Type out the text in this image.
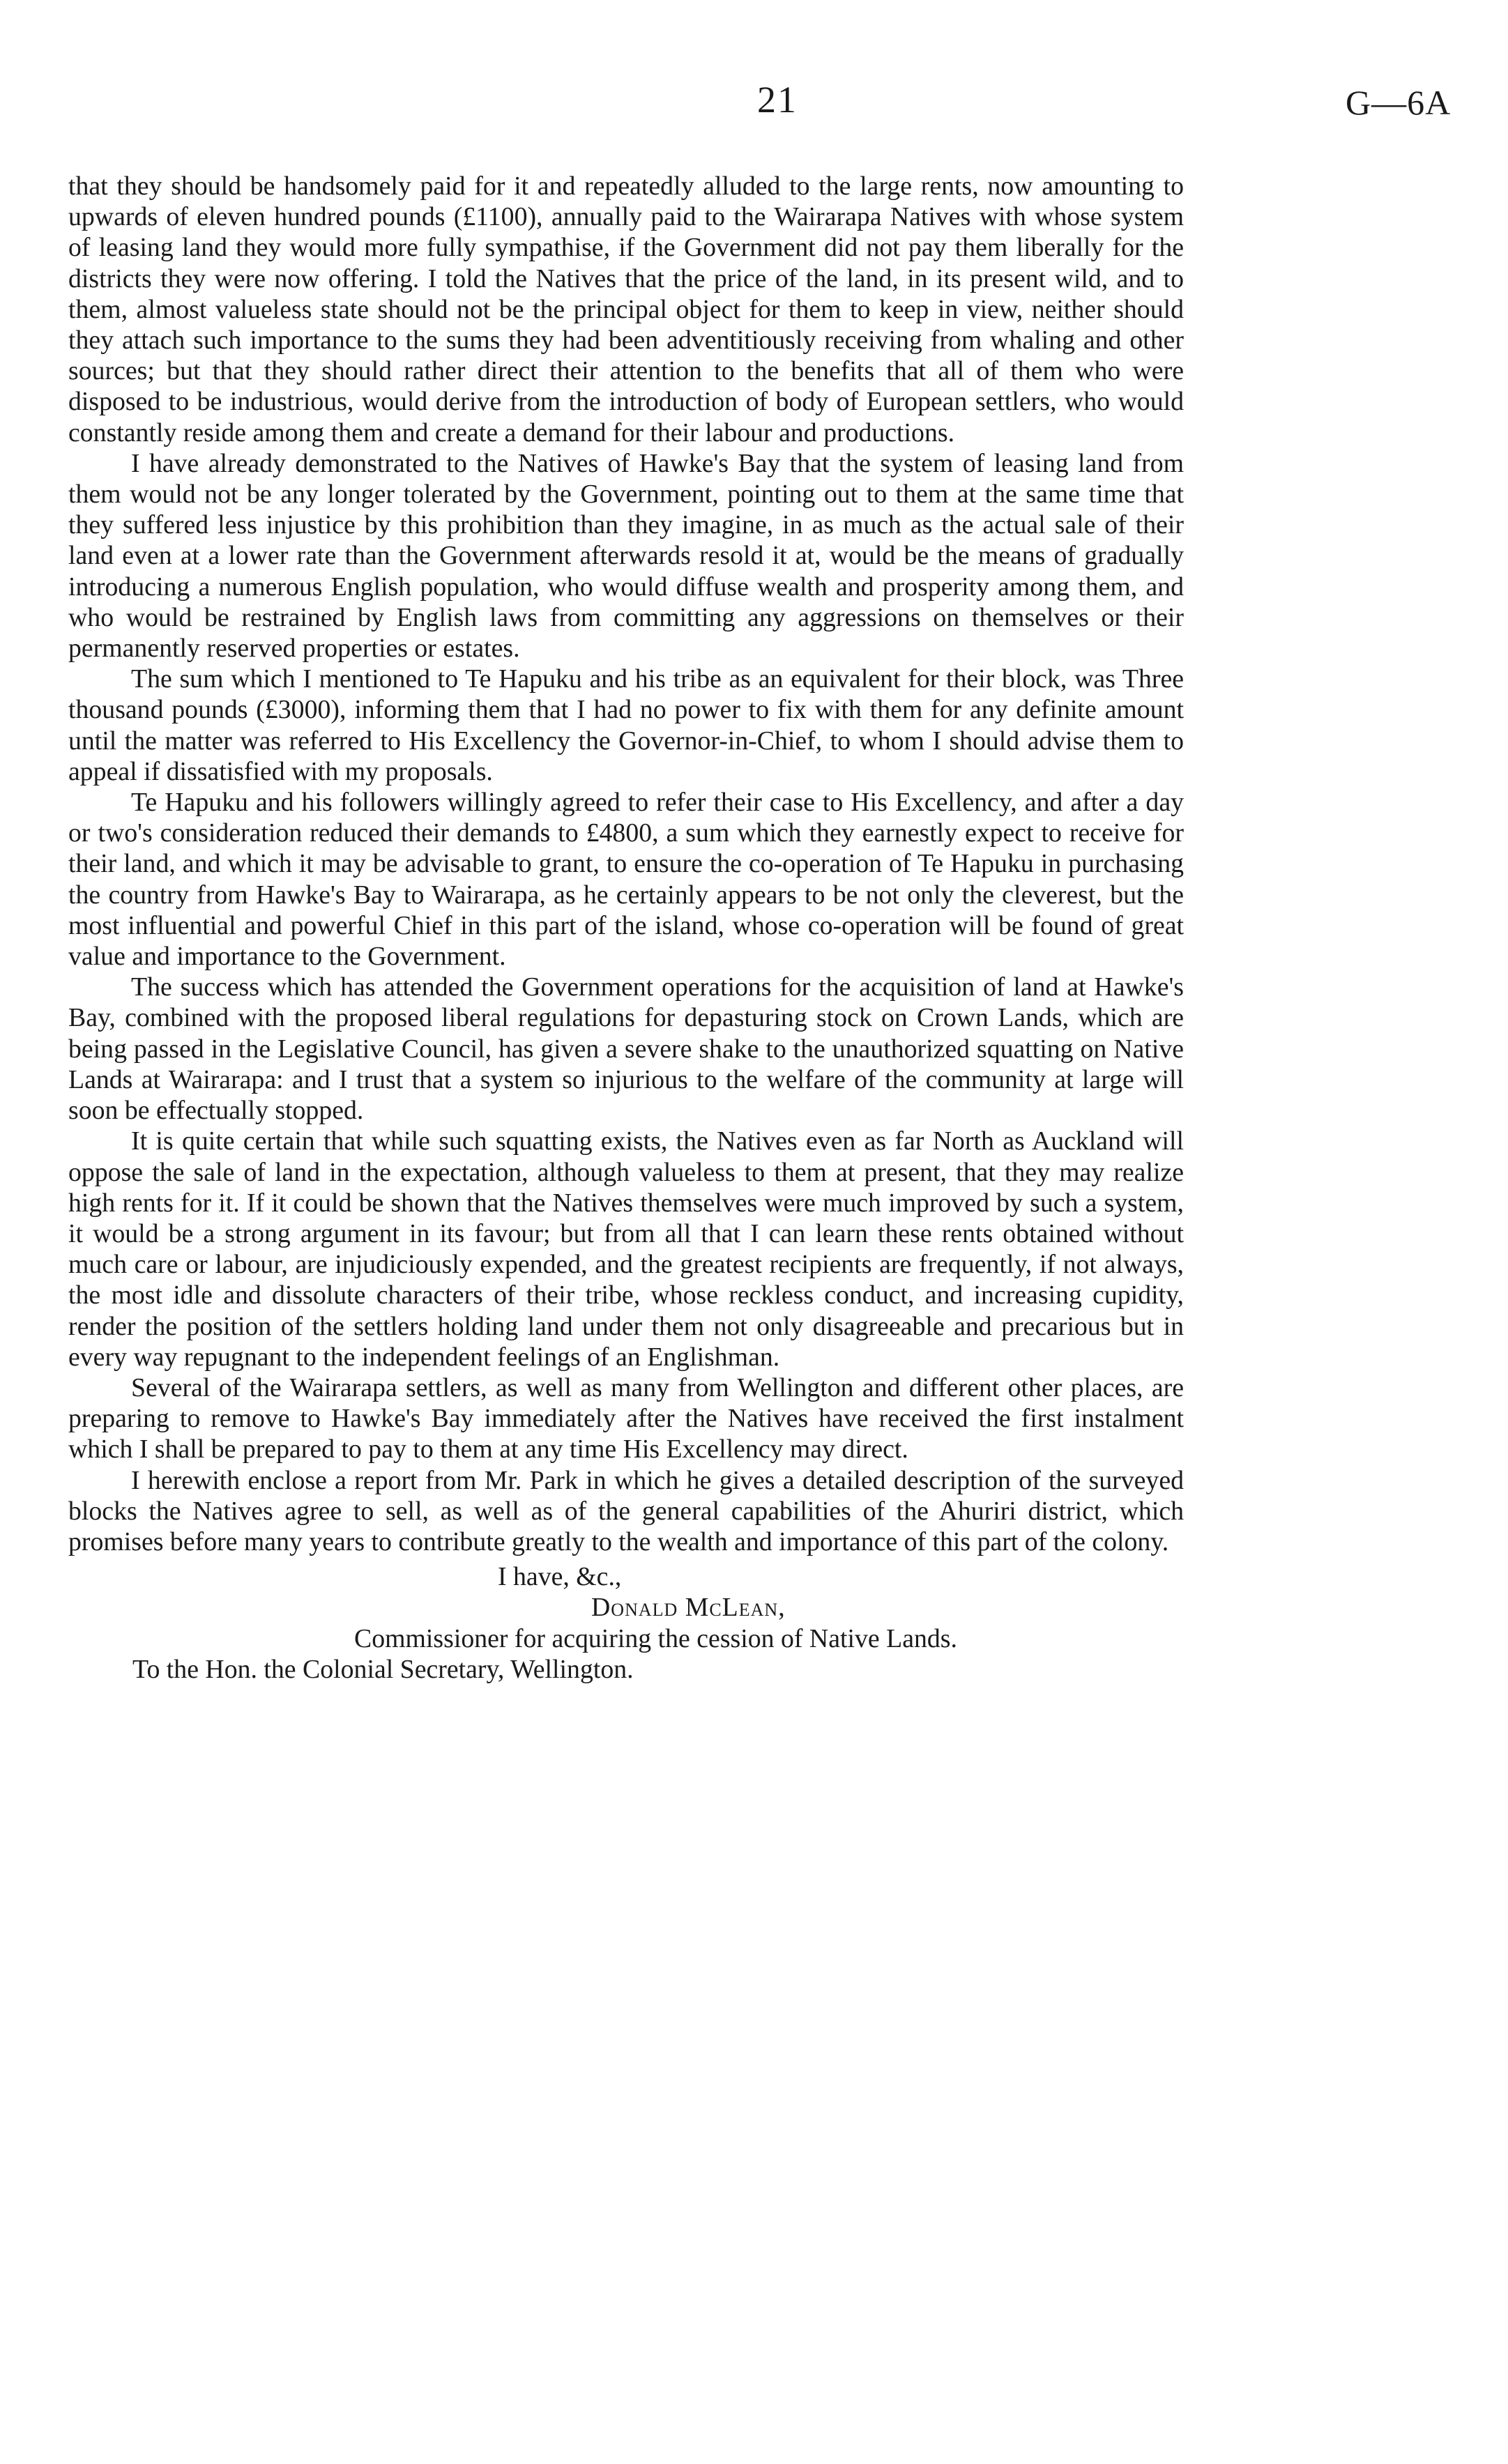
21	G—6A

that they should be handsomely paid for it and repeatedly alluded to the large rents, now amounting to upwards of eleven hundred pounds (£1100), annually paid to the Wairarapa Natives with whose system of leasing land they would more fully sympathise, if the Government did not pay them liberally for the districts they were now offering. I told the Natives that the price of the land, in its present wild, and to them, almost valueless state should not be the principal object for them to keep in view, neither should they attach such importance to the sums they had been adventitiously receiving from whaling and other sources; but that they should rather direct their attention to the benefits that all of them who were disposed to be industrious, would derive from the introduction of body of European settlers, who would constantly reside among them and create a demand for their labour and productions.

I have already demonstrated to the Natives of Hawke's Bay that the system of leasing land from them would not be any longer tolerated by the Government, pointing out to them at the same time that they suffered less injustice by this prohibition than they imagine, in as much as the actual sale of their land even at a lower rate than the Government afterwards resold it at, would be the means of gradually introducing a numerous English population, who would diffuse wealth and prosperity among them, and who would be restrained by English laws from committing any aggressions on themselves or their permanently reserved properties or estates.

The sum which I mentioned to Te Hapuku and his tribe as an equivalent for their block, was Three thousand pounds (£3000), informing them that I had no power to fix with them for any definite amount until the matter was referred to His Excellency the Governor-in-Chief, to whom I should advise them to appeal if dissatisfied with my proposals.

Te Hapuku and his followers willingly agreed to refer their case to His Excellency, and after a day or two's consideration reduced their demands to £4800, a sum which they earnestly expect to receive for their land, and which it may be advisable to grant, to ensure the co-operation of Te Hapuku in purchasing the country from Hawke's Bay to Wairarapa, as he certainly appears to be not only the cleverest, but the most influential and powerful Chief in this part of the island, whose co-operation will be found of great value and importance to the Government.

The success which has attended the Government operations for the acquisition of land at Hawke's Bay, combined with the proposed liberal regulations for depasturing stock on Crown Lands, which are being passed in the Legislative Council, has given a severe shake to the unauthorized squatting on Native Lands at Wairarapa: and I trust that a system so injurious to the welfare of the community at large will soon be effectually stopped.

It is quite certain that while such squatting exists, the Natives even as far North as Auckland will oppose the sale of land in the expectation, although valueless to them at present, that they may realize high rents for it. If it could be shown that the Natives themselves were much improved by such a system, it would be a strong argument in its favour; but from all that I can learn these rents obtained without much care or labour, are injudiciously expended, and the greatest recipients are frequently, if not always, the most idle and dissolute characters of their tribe, whose reckless conduct, and increasing cupidity, render the position of the settlers holding land under them not only disagreeable and precarious but in every way repugnant to the independent feelings of an Englishman.

Several of the Wairarapa settlers, as well as many from Wellington and different other places, are preparing to remove to Hawke's Bay immediately after the Natives have received the first instalment which I shall be prepared to pay to them at any time His Excellency may direct.

I herewith enclose a report from Mr. Park in which he gives a detailed description of the surveyed blocks the Natives agree to sell, as well as of the general capabilities of the Ahuriri district, which promises before many years to contribute greatly to the wealth and importance of this part of the colony.

I have, &c.,
Donald McLean,
Commissioner for acquiring the cession of Native Lands.
To the Hon. the Colonial Secretary, Wellington.
